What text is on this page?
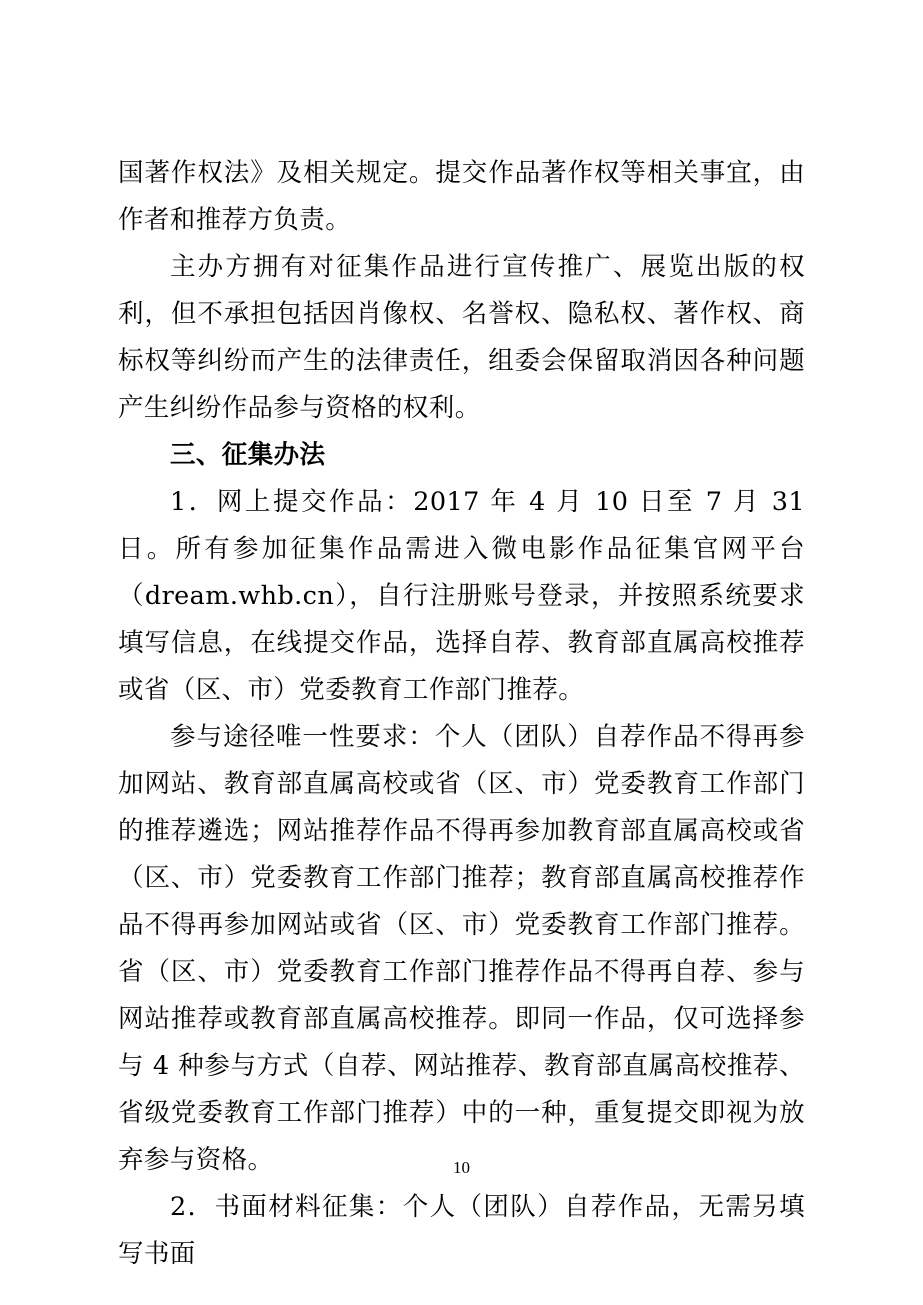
国著作权法》及相关规定。提交作品著作权等相关事宜，由作者和推荐方负责。

主办方拥有对征集作品进行宣传推广、展览出版的权利，但不承担包括因肖像权、名誉权、隐私权、著作权、商标权等纠纷而产生的法律责任，组委会保留取消因各种问题产生纠纷作品参与资格的权利。

三、征集办法

1．网上提交作品：2017 年 4 月 10 日至 7 月 31 日。所有参加征集作品需进入微电影作品征集官网平台（dream.whb.cn），自行注册账号登录，并按照系统要求填写信息，在线提交作品，选择自荐、教育部直属高校推荐或省（区、市）党委教育工作部门推荐。

参与途径唯一性要求：个人（团队）自荐作品不得再参加网站、教育部直属高校或省（区、市）党委教育工作部门的推荐遴选；网站推荐作品不得再参加教育部直属高校或省（区、市）党委教育工作部门推荐；教育部直属高校推荐作品不得再参加网站或省（区、市）党委教育工作部门推荐。省（区、市）党委教育工作部门推荐作品不得再自荐、参与网站推荐或教育部直属高校推荐。即同一作品，仅可选择参与 4 种参与方式（自荐、网站推荐、教育部直属高校推荐、省级党委教育工作部门推荐）中的一种，重复提交即视为放弃参与资格。

2．书面材料征集：个人（团队）自荐作品，无需另填写书面

10
